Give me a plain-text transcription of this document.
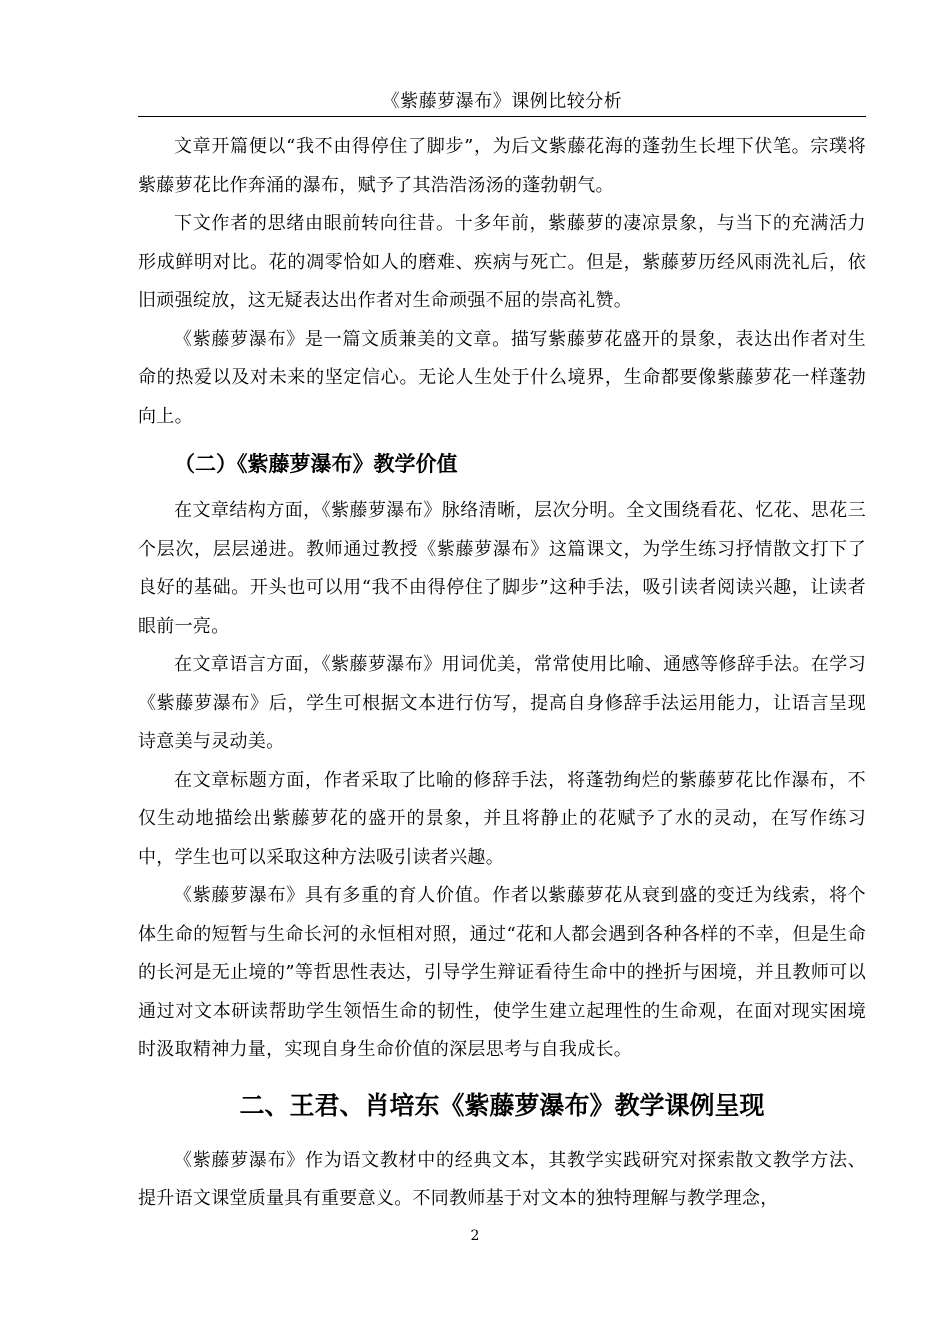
《紫藤萝瀑布》课例比较分析

文章开篇便以“我不由得停住了脚步”，为后文紫藤花海的蓬勃生长埋下伏笔。宗璞将紫藤萝花比作奔涌的瀑布，赋予了其浩浩汤汤的蓬勃朝气。

下文作者的思绪由眼前转向往昔。十多年前，紫藤萝的凄凉景象，与当下的充满活力形成鲜明对比。花的凋零恰如人的磨难、疾病与死亡。但是，紫藤萝历经风雨洗礼后，依旧顽强绽放，这无疑表达出作者对生命顽强不屈的崇高礼赞。

《紫藤萝瀑布》是一篇文质兼美的文章。描写紫藤萝花盛开的景象，表达出作者对生命的热爱以及对未来的坚定信心。无论人生处于什么境界，生命都要像紫藤萝花一样蓬勃向上。

（二）《紫藤萝瀑布》教学价值

在文章结构方面，《紫藤萝瀑布》脉络清晰，层次分明。全文围绕看花、忆花、思花三个层次，层层递进。教师通过教授《紫藤萝瀑布》这篇课文，为学生练习抒情散文打下了良好的基础。开头也可以用“我不由得停住了脚步”这种手法，吸引读者阅读兴趣，让读者眼前一亮。

在文章语言方面，《紫藤萝瀑布》用词优美，常常使用比喻、通感等修辞手法。在学习《紫藤萝瀑布》后，学生可根据文本进行仿写，提高自身修辞手法运用能力，让语言呈现诗意美与灵动美。

在文章标题方面，作者采取了比喻的修辞手法，将蓬勃绚烂的紫藤萝花比作瀑布，不仅生动地描绘出紫藤萝花的盛开的景象，并且将静止的花赋予了水的灵动，在写作练习中，学生也可以采取这种方法吸引读者兴趣。

《紫藤萝瀑布》具有多重的育人价值。作者以紫藤萝花从衰到盛的变迁为线索，将个体生命的短暂与生命长河的永恒相对照，通过“花和人都会遇到各种各样的不幸，但是生命的长河是无止境的”等哲思性表达，引导学生辩证看待生命中的挫折与困境，并且教师可以通过对文本研读帮助学生领悟生命的韧性，使学生建立起理性的生命观，在面对现实困境时汲取精神力量，实现自身生命价值的深层思考与自我成长。

二、王君、肖培东《紫藤萝瀑布》教学课例呈现

《紫藤萝瀑布》作为语文教材中的经典文本，其教学实践研究对探索散文教学方法、提升语文课堂质量具有重要意义。不同教师基于对文本的独特理解与教学理念，

2
